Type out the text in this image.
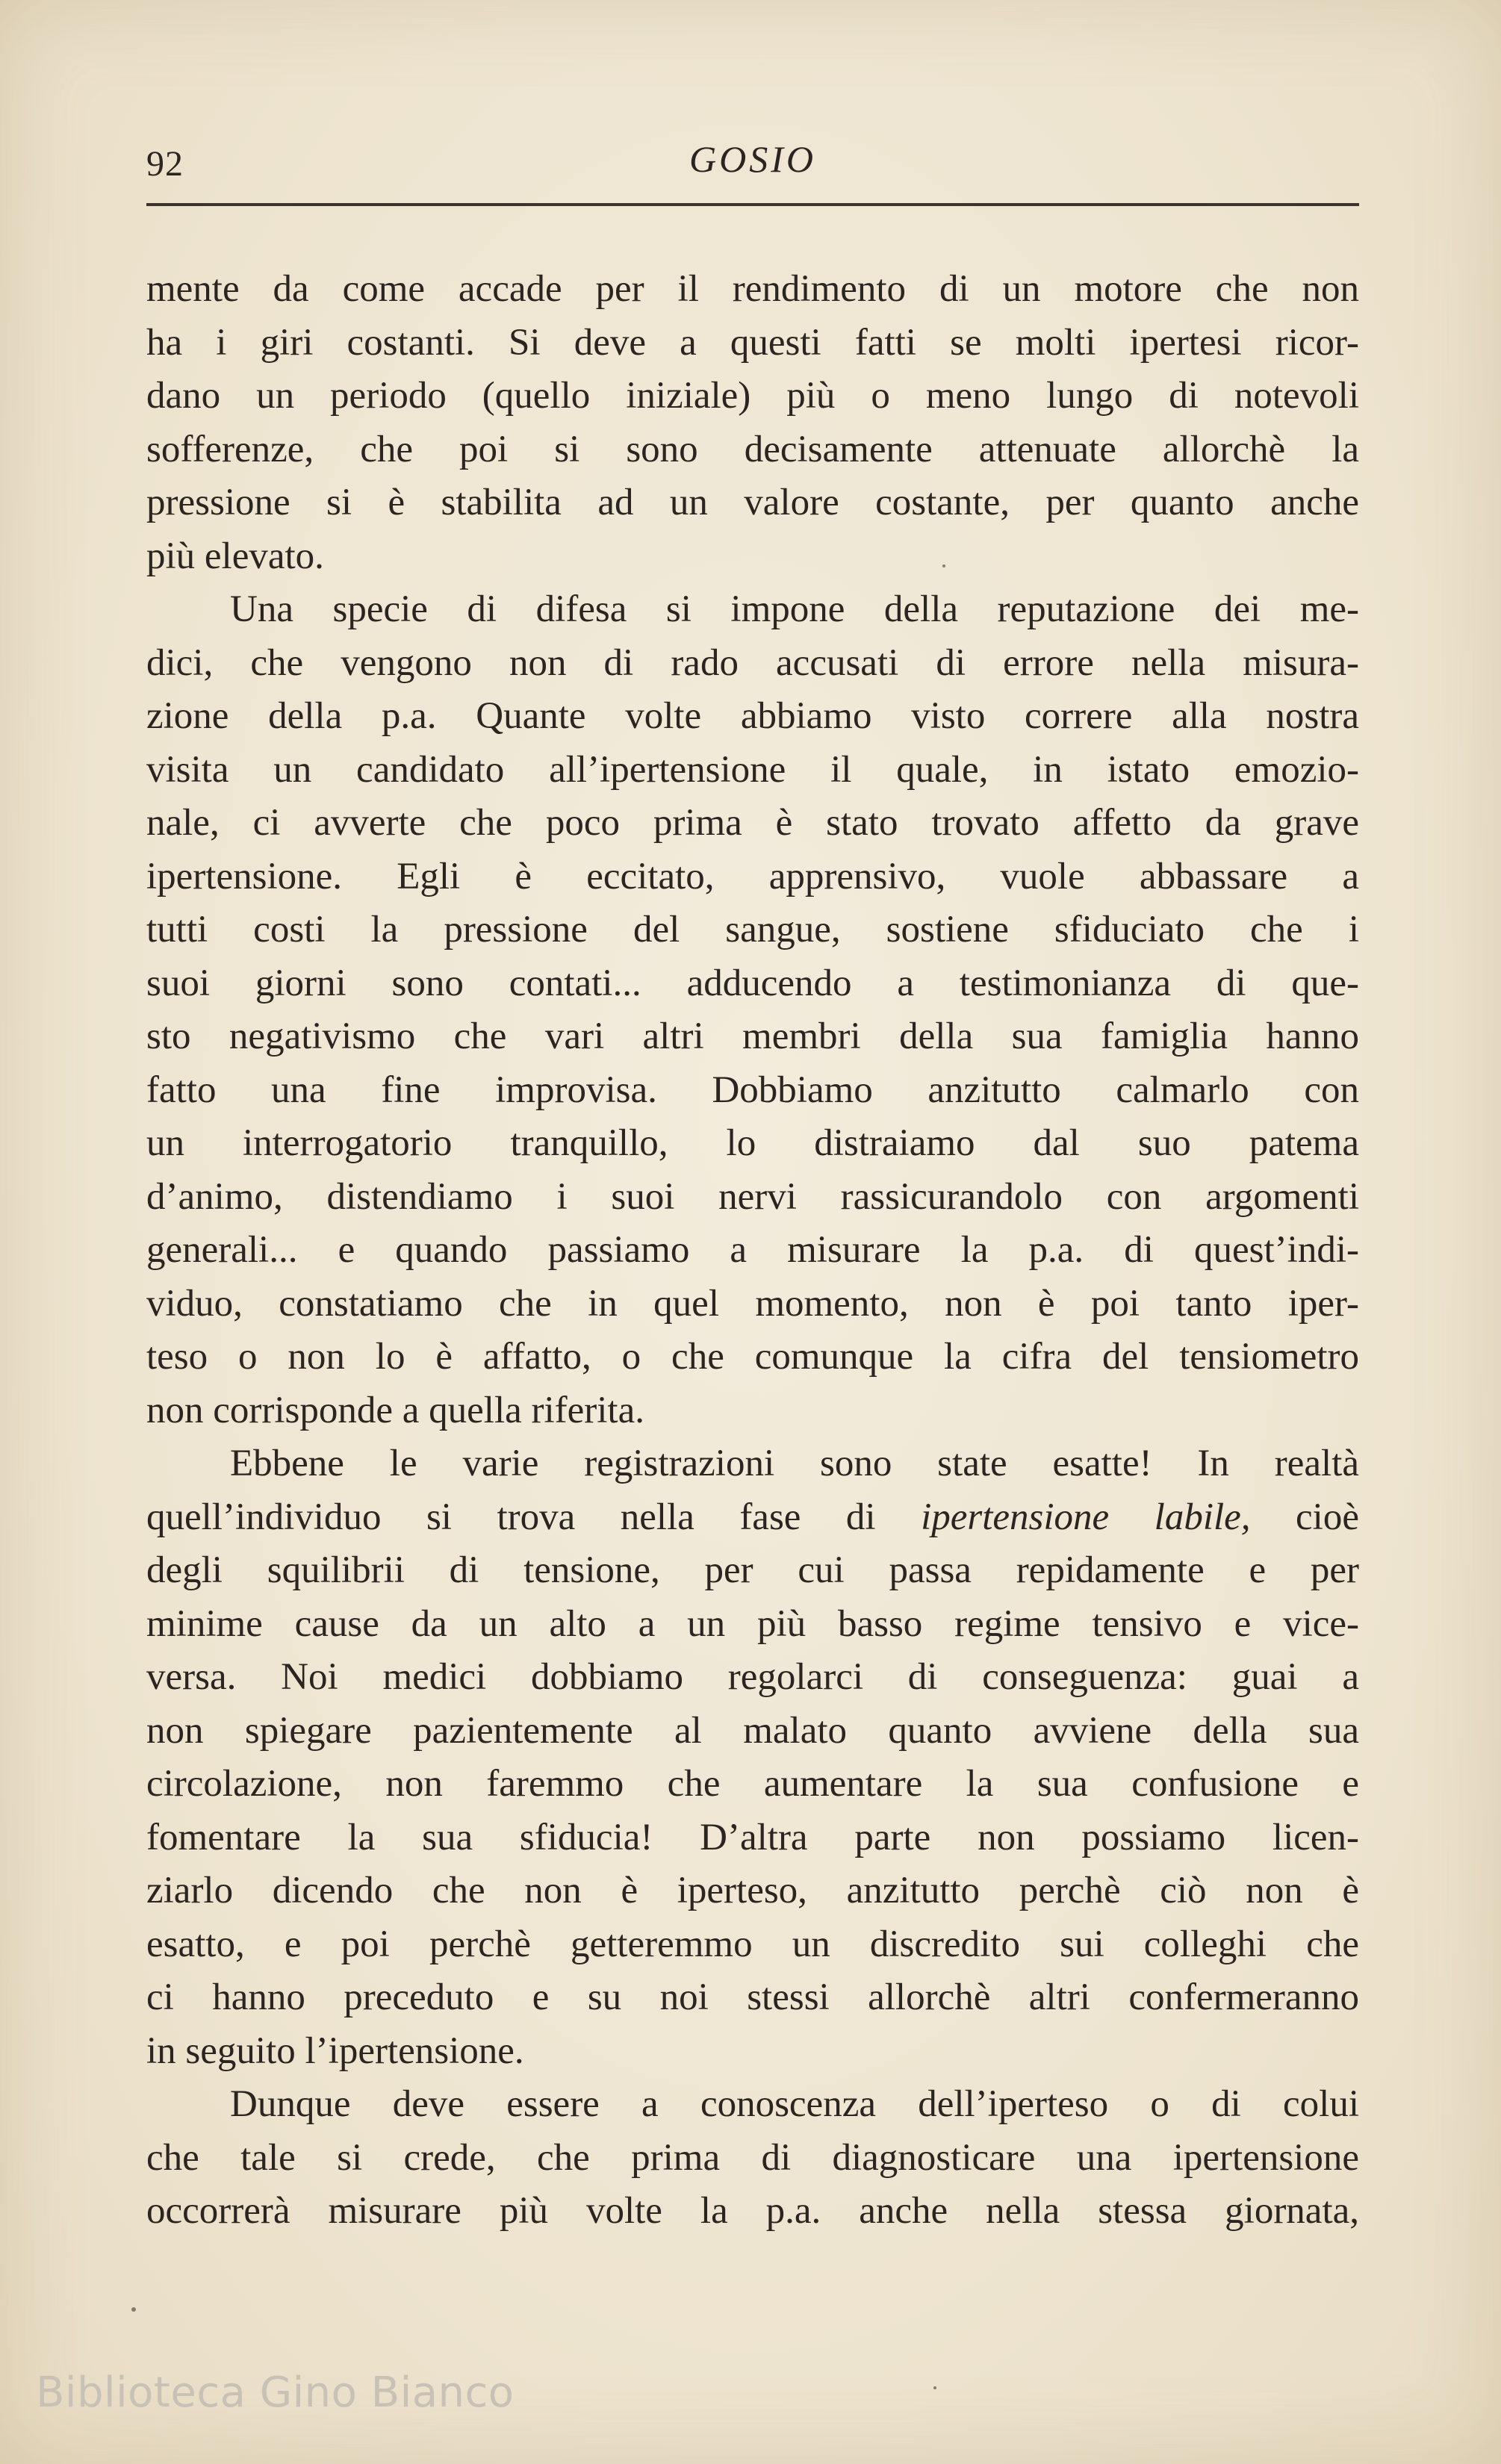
92	GOSIO

mente da come accade per il rendimento di un motore che non
ha i giri costanti. Si deve a questi fatti se molti ipertesi ricor-
dano un periodo (quello iniziale) più o meno lungo di notevoli
sofferenze, che poi si sono decisamente attenuate allorchè la
pressione si è stabilita ad un valore costante, per quanto anche
più elevato.

Una specie di difesa si impone della reputazione dei me-
dici, che vengono non di rado accusati di errore nella misura-
zione della p.a. Quante volte abbiamo visto correre alla nostra
visita un candidato all’ipertensione il quale, in istato emozio-
nale, ci avverte che poco prima è stato trovato affetto da grave
ipertensione. Egli è eccitato, apprensivo, vuole abbassare a
tutti costi la pressione del sangue, sostiene sfiduciato che i
suoi giorni sono contati... adducendo a testimonianza di que-
sto negativismo che vari altri membri della sua famiglia hanno
fatto una fine improvisa. Dobbiamo anzitutto calmarlo con
un interrogatorio tranquillo, lo distraiamo dal suo patema
d’animo, distendiamo i suoi nervi rassicurandolo con argomenti
generali... e quando passiamo a misurare la p.a. di quest’indi-
viduo, constatiamo che in quel momento, non è poi tanto iper-
teso o non lo è affatto, o che comunque la cifra del tensiometro
non corrisponde a quella riferita.

Ebbene le varie registrazioni sono state esatte! In realtà
quell’individuo si trova nella fase di ipertensione labile, cioè
degli squilibrii di tensione, per cui passa repidamente e per
minime cause da un alto a un più basso regime tensivo e vice-
versa. Noi medici dobbiamo regolarci di conseguenza: guai a
non spiegare pazientemente al malato quanto avviene della sua
circolazione, non faremmo che aumentare la sua confusione e
fomentare la sua sfiducia! D’altra parte non possiamo licen-
ziarlo dicendo che non è iperteso, anzitutto perchè ciò non è
esatto, e poi perchè getteremmo un discredito sui colleghi che
ci hanno preceduto e su noi stessi allorchè altri confermeranno
in seguito l’ipertensione.

Dunque deve essere a conoscenza dell’iperteso o di colui
che tale si crede, che prima di diagnosticare una ipertensione
occorrerà misurare più volte la p.a. anche nella stessa giornata,

Biblioteca Gino Bianco
